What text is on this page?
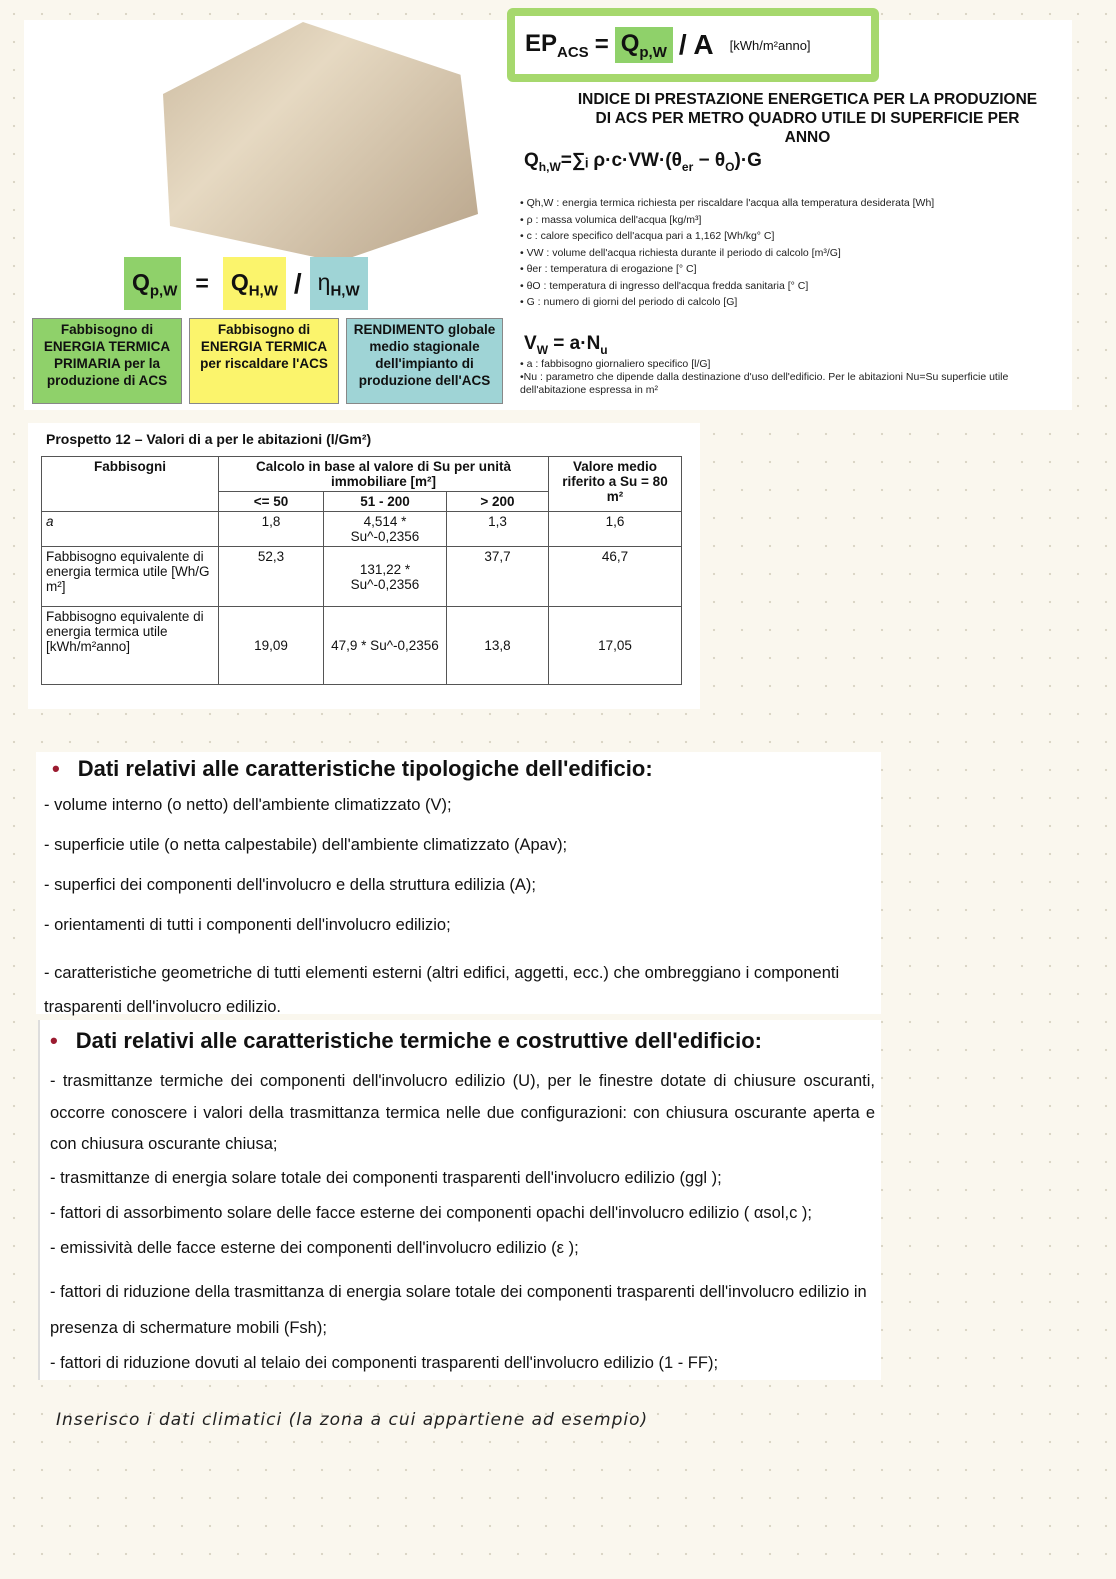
$EP_{ACS} = Q_{p,W} / A$ [kWh/m²anno]
INDICE DI PRESTAZIONE ENERGETICA PER LA PRODUZIONE
DI ACS PER METRO QUADRO UTILE DI SUPERFICIE PER
ANNO
$Q_{h,W}=\sum ᵢ$ $\rho\cdot c\cdot VW\cdot(\theta_{er} - \theta_O)\cdot G$
• Qh,W : energia termica richiesta per riscaldare l'acqua alla temperatura desiderata [Wh]
• ρ : massa volumica dell'acqua [kg/m³]
• c : calore specifico dell'acqua pari a 1,162 [Wh/kg° C]
• VW : volume dell'acqua richiesta durante il periodo di calcolo [m³/G]
• θer : temperatura di erogazione [° C]
• θO : temperatura di ingresso dell'acqua fredda sanitaria [° C]
• G : numero di giorni del periodo di calcolo [G]
$V_W = a\cdot N_u$
• a : fabbisogno giornaliero specifico [l/G]
•Nu : parametro che dipende dalla destinazione d'uso dell'edificio. Per le abitazioni Nu=Su superficie utile dell'abitazione espressa in m²
$Q_{p,W} = Q_{H,W} / \eta_{H,W}$
Fabbisogno di ENERGIA TERMICA PRIMARIA per la produzione di ACS
Fabbisogno di ENERGIA TERMICA per riscaldare l'ACS
RENDIMENTO globale medio stagionale dell'impianto di produzione dell'ACS
Prospetto 12 – Valori di a per le abitazioni (l/Gm²)
Fabbisogni	Calcolo in base al valore di Su per unità immobiliare [m²]			Valore medio riferito a Su = 80 m²
	<= 50	51 - 200	> 200	
a	1,8	4,514 * Su^-0,2356	1,3	1,6
Fabbisogno equivalente di energia termica utile [Wh/G m²]	52,3	131,22 * Su^-0,2356	37,7	46,7
Fabbisogno equivalente di energia termica utile [kWh/m²anno]	19,09	47,9 * Su^-0,2356	13,8	17,05
• Dati relativi alle caratteristiche tipologiche dell'edificio:

- volume interno (o netto) dell'ambiente climatizzato (V);

- superficie utile (o netta calpestabile) dell'ambiente climatizzato (Apav);

- superfici dei componenti dell'involucro e della struttura edilizia (A);

- orientamenti di tutti i componenti dell'involucro edilizio;

- caratteristiche geometriche di tutti elementi esterni (altri edifici, aggetti, ecc.) che ombreggiano i componenti trasparenti dell'involucro edilizio.

• Dati relativi alle caratteristiche termiche e costruttive dell'edificio:

- trasmittanze termiche dei componenti dell'involucro edilizio (U), per le finestre dotate di chiusure oscuranti, occorre conoscere i valori della trasmittanza termica nelle due configurazioni: con chiusura oscurante aperta e con chiusura oscurante chiusa;

- trasmittanze di energia solare totale dei componenti trasparenti dell'involucro edilizio (ggl );

- fattori di assorbimento solare delle facce esterne dei componenti opachi dell'involucro edilizio ( αsol,c );

- emissività delle facce esterne dei componenti dell'involucro edilizio (ε );

- fattori di riduzione della trasmittanza di energia solare totale dei componenti trasparenti dell'involucro edilizio in presenza di schermature mobili (Fsh);

- fattori di riduzione dovuti al telaio dei componenti trasparenti dell'involucro edilizio (1 - FF);

Inserisco i dati climatici (la zona a cui appartiene ad esempio)
